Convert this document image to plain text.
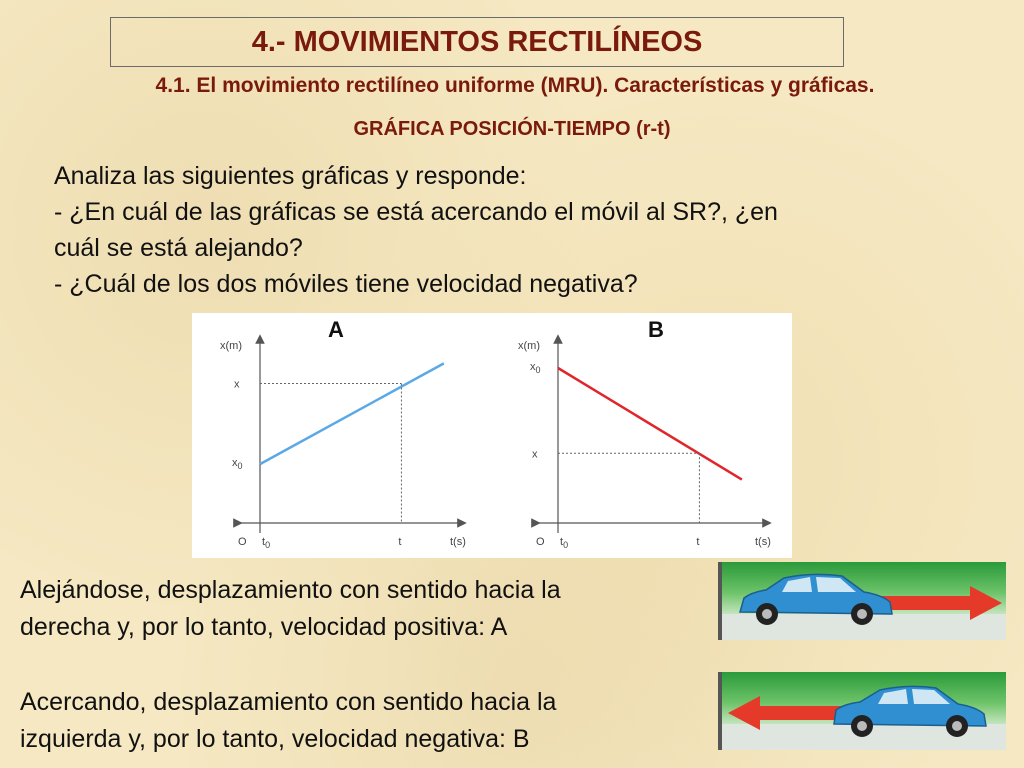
4.- MOVIMIENTOS RECTILÍNEOS
4.1. El movimiento rectilíneo uniforme (MRU). Características y gráficas.
GRÁFICA POSICIÓN-TIEMPO (r-t)
Analiza las siguientes gráficas y responde:
- ¿En cuál de las gráficas se está acercando el móvil al SR?, ¿en
cuál se está alejando?
- ¿Cuál de los dos móviles tiene velocidad negativa?
x(m)
t(s)
O $t_0$
A
t
$x_0$
x
x(m)
t(s)
O $t_0$
B
t
$x_0$
x
Alejándose, desplazamiento con sentido hacia la
derecha y, por lo tanto, velocidad positiva: A
Acercando, desplazamiento con sentido hacia la
izquierda y, por lo tanto, velocidad negativa: B
